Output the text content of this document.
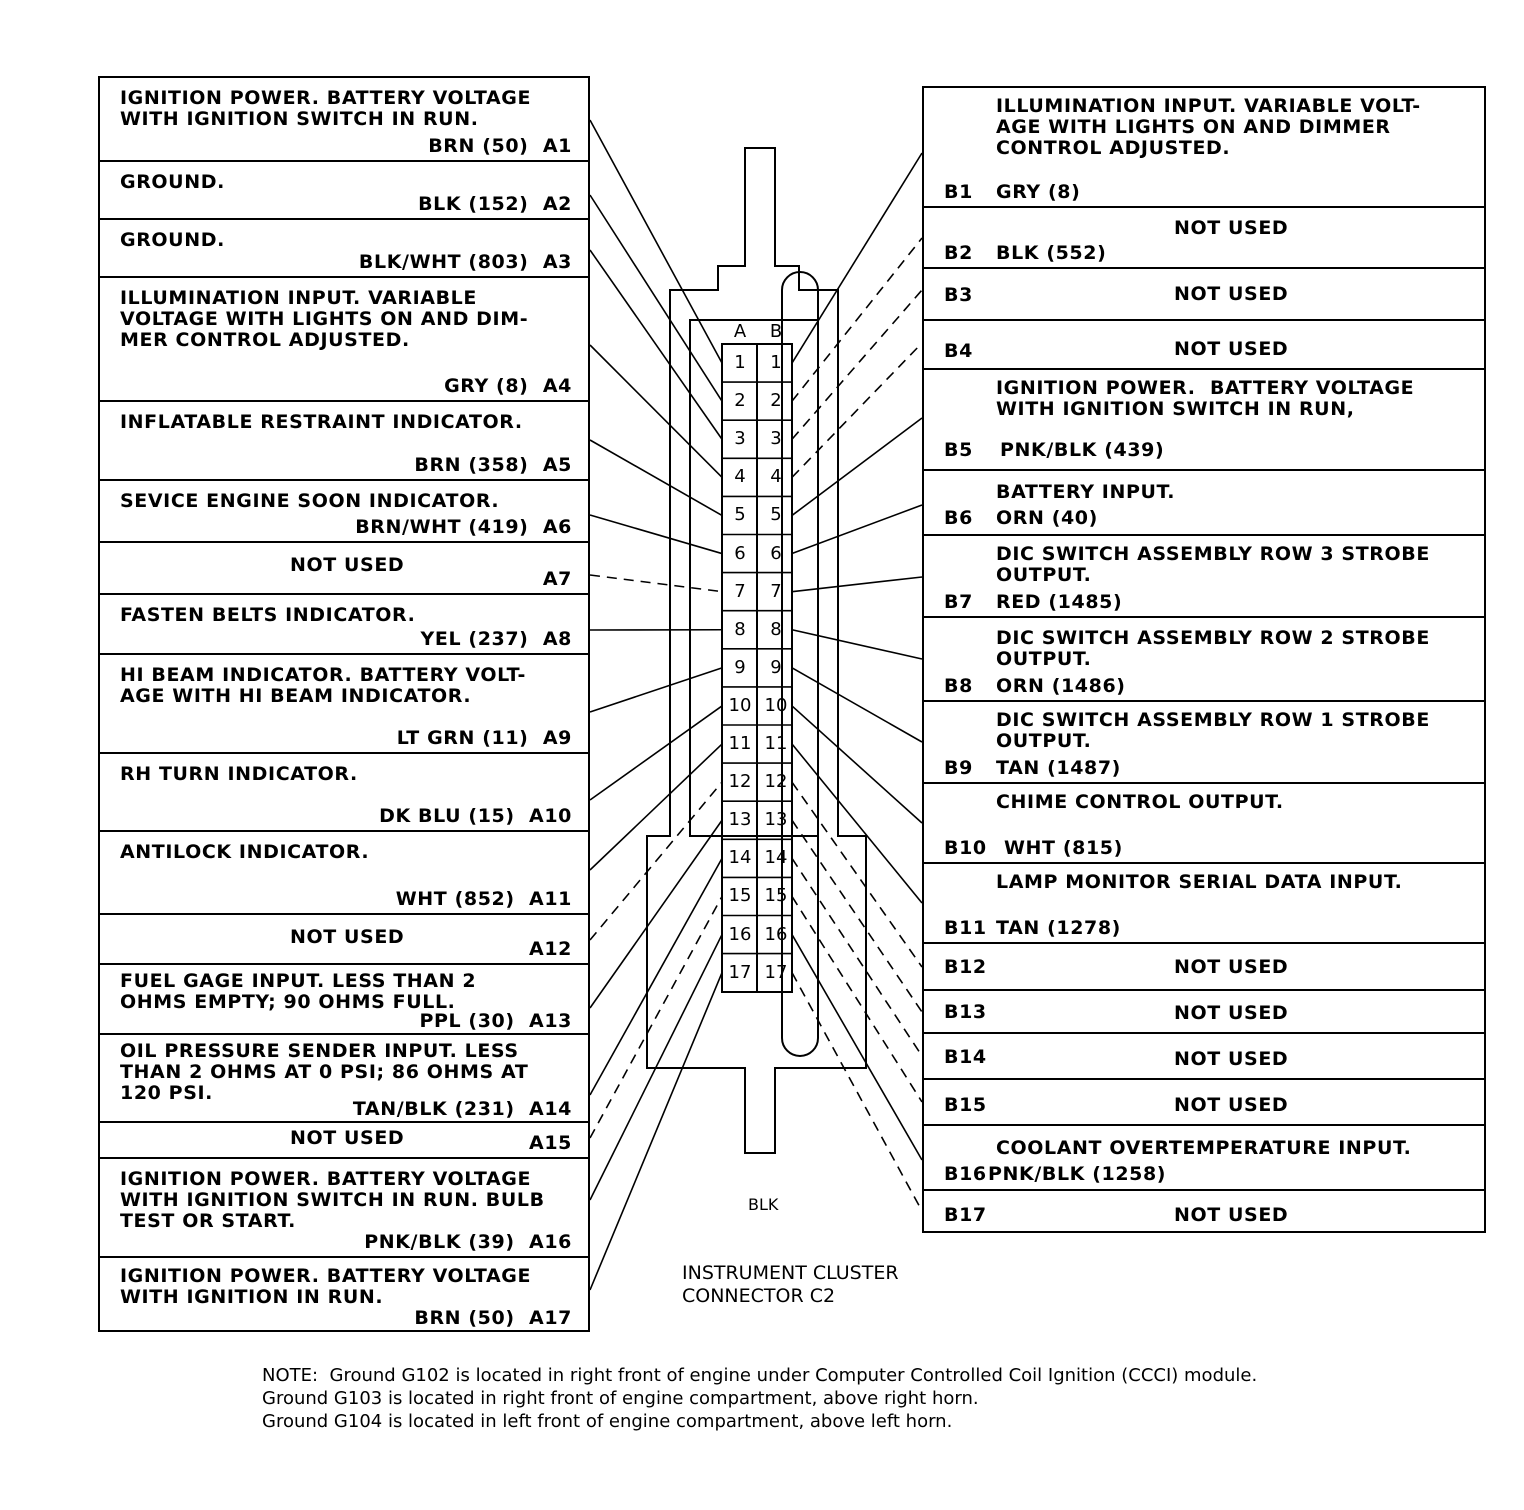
IGNITION POWER. BATTERY VOLTAGE
WITH IGNITION SWITCH IN RUN.
BRN (50)  A1
GROUND.
BLK (152)  A2
GROUND.
BLK/WHT (803)  A3
ILLUMINATION INPUT. VARIABLE
VOLTAGE WITH LIGHTS ON AND DIM-
MER CONTROL ADJUSTED.
GRY (8)  A4
INFLATABLE RESTRAINT INDICATOR.
BRN (358)  A5
SEVICE ENGINE SOON INDICATOR.
BRN/WHT (419)  A6
NOT USED
A7
FASTEN BELTS INDICATOR.
YEL (237)  A8
HI BEAM INDICATOR. BATTERY VOLT-
AGE WITH HI BEAM INDICATOR.
LT GRN (11)  A9
RH TURN INDICATOR.
DK BLU (15)  A10
ANTILOCK INDICATOR.
WHT (852)  A11
NOT USED
A12
FUEL GAGE INPUT. LESS THAN 2
OHMS EMPTY; 90 OHMS FULL.
PPL (30)  A13
OIL PRESSURE SENDER INPUT. LESS
THAN 2 OHMS AT 0 PSI; 86 OHMS AT
120 PSI.
TAN/BLK (231)  A14
NOT USED	A15
IGNITION POWER. BATTERY VOLTAGE
WITH IGNITION SWITCH IN RUN. BULB
TEST OR START.
PNK/BLK (39)  A16
IGNITION POWER. BATTERY VOLTAGE
WITH IGNITION IN RUN.
BRN (50)  A17
ILLUMINATION INPUT. VARIABLE VOLT-
AGE WITH LIGHTS ON AND DIMMER
CONTROL ADJUSTED.
B1 GRY (8)
NOT USED
B2 BLK (552)
B3	NOT USED
B4	NOT USED
IGNITION POWER.  BATTERY VOLTAGE
WITH IGNITION SWITCH IN RUN,
B5 PNK/BLK (439)
BATTERY INPUT.
B6 ORN (40)
DIC SWITCH ASSEMBLY ROW 3 STROBE
OUTPUT.
B7 RED (1485)
DIC SWITCH ASSEMBLY ROW 2 STROBE
OUTPUT.
B8 ORN (1486)
DIC SWITCH ASSEMBLY ROW 1 STROBE
OUTPUT.
B9 TAN (1487)
CHIME CONTROL OUTPUT.
B10 WHT (815)
LAMP MONITOR SERIAL DATA INPUT.
B11 TAN (1278)
B12	NOT USED
B13	NOT USED
B14	NOT USED
B15	NOT USED
COOLANT OVERTEMPERATURE INPUT.
B16 PNK/BLK (1258)
B17	NOT USED
A	B
1	1
2	2
3	3
4	4
5	5
6	6
7	7
8	8
9	9
10 10
11 11
12 12
13 13
14 14
15 15
16 16
17 17
BLK
INSTRUMENT CLUSTER
CONNECTOR C2
NOTE:  Ground G102 is located in right front of engine under Computer Controlled Coil Ignition (CCCI) module.
Ground G103 is located in right front of engine compartment, above right horn.
Ground G104 is located in left front of engine compartment, above left horn.
